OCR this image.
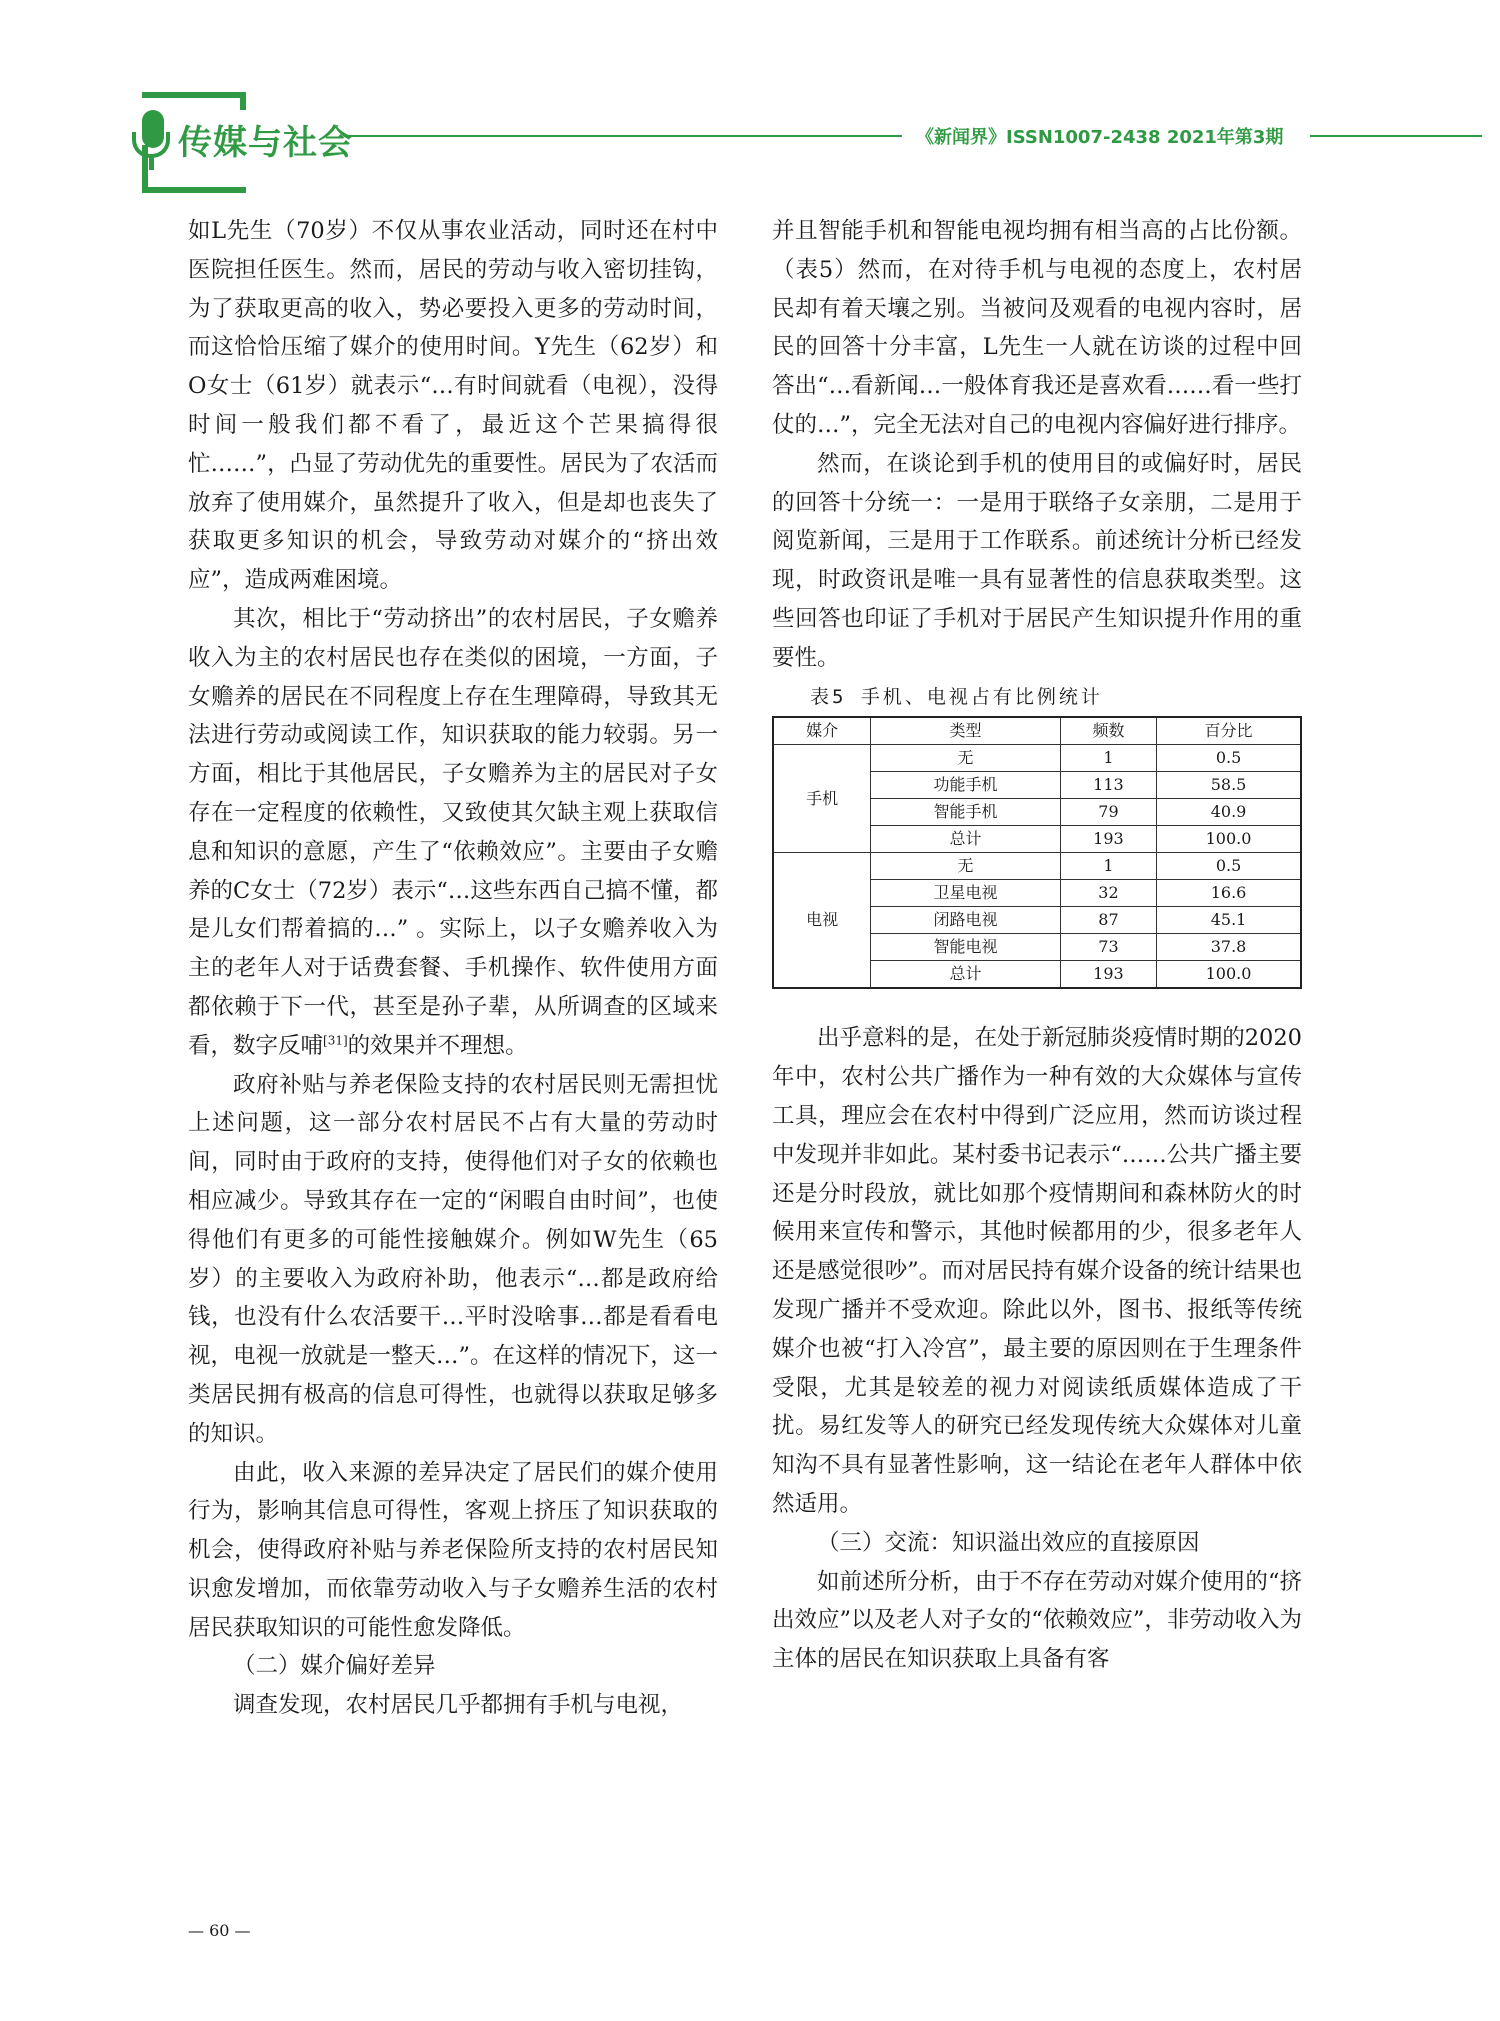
传媒与社会	《新闻界》ISSN1007-2438 2021年第3期

如L先生（70岁）不仅从事农业活动，同时还在村中医院担任医生。然而，居民的劳动与收入密切挂钩，为了获取更高的收入，势必要投入更多的劳动时间，而这恰恰压缩了媒介的使用时间。Y先生（62岁）和O女士（61岁）就表示“…有时间就看（电视），没得时间一般我们都不看了，最近这个芒果搞得很忙……”，凸显了劳动优先的重要性。居民为了农活而放弃了使用媒介，虽然提升了收入，但是却也丧失了获取更多知识的机会，导致劳动对媒介的“挤出效应”，造成两难困境。

其次，相比于“劳动挤出”的农村居民，子女赡养收入为主的农村居民也存在类似的困境，一方面，子女赡养的居民在不同程度上存在生理障碍，导致其无法进行劳动或阅读工作，知识获取的能力较弱。另一方面，相比于其他居民，子女赡养为主的居民对子女存在一定程度的依赖性，又致使其欠缺主观上获取信息和知识的意愿，产生了“依赖效应”。主要由子女赡养的C女士（72岁）表示“…这些东西自己搞不懂，都是儿女们帮着搞的…” 。实际上，以子女赡养收入为主的老年人对于话费套餐、手机操作、软件使用方面都依赖于下一代，甚至是孙子辈，从所调查的区域来看，数字反哺[31]的效果并不理想。

政府补贴与养老保险支持的农村居民则无需担忧上述问题，这一部分农村居民不占有大量的劳动时间，同时由于政府的支持，使得他们对子女的依赖也相应减少。导致其存在一定的“闲暇自由时间”，也使得他们有更多的可能性接触媒介。例如W先生（65岁）的主要收入为政府补助，他表示“…都是政府给钱，也没有什么农活要干…平时没啥事…都是看看电视，电视一放就是一整天…”。在这样的情况下，这一类居民拥有极高的信息可得性，也就得以获取足够多的知识。

由此，收入来源的差异决定了居民们的媒介使用行为，影响其信息可得性，客观上挤压了知识获取的机会，使得政府补贴与养老保险所支持的农村居民知识愈发增加，而依靠劳动收入与子女赡养生活的农村居民获取知识的可能性愈发降低。

（二）媒介偏好差异

调查发现，农村居民几乎都拥有手机与电视，

并且智能手机和智能电视均拥有相当高的占比份额。（表5）然而，在对待手机与电视的态度上，农村居民却有着天壤之别。当被问及观看的电视内容时，居民的回答十分丰富，L先生一人就在访谈的过程中回答出“…看新闻…一般体育我还是喜欢看……看一些打仗的…”，完全无法对自己的电视内容偏好进行排序。

然而，在谈论到手机的使用目的或偏好时，居民的回答十分统一：一是用于联络子女亲朋，二是用于阅览新闻，三是用于工作联系。前述统计分析已经发现，时政资讯是唯一具有显著性的信息获取类型。这些回答也印证了手机对于居民产生知识提升作用的重要性。

表5 手机、电视占有比例统计

媒介	类型	频数	百分比
手机	无	1	0.5
	功能手机	113	58.5
	智能手机	79	40.9
	总计	193	100.0
电视	无	1	0.5
	卫星电视	32	16.6
	闭路电视	87	45.1
	智能电视	73	37.8
	总计	193	100.0

出乎意料的是，在处于新冠肺炎疫情时期的2020年中，农村公共广播作为一种有效的大众媒体与宣传工具，理应会在农村中得到广泛应用，然而访谈过程中发现并非如此。某村委书记表示“……公共广播主要还是分时段放，就比如那个疫情期间和森林防火的时候用来宣传和警示，其他时候都用的少，很多老年人还是感觉很吵”。而对居民持有媒介设备的统计结果也发现广播并不受欢迎。除此以外，图书、报纸等传统媒介也被“打入冷宫”，最主要的原因则在于生理条件受限，尤其是较差的视力对阅读纸质媒体造成了干扰。易红发等人的研究已经发现传统大众媒体对儿童知沟不具有显著性影响，这一结论在老年人群体中依然适用。

（三）交流：知识溢出效应的直接原因

如前述所分析，由于不存在劳动对媒介使用的“挤出效应”以及老人对子女的“依赖效应”，非劳动收入为主体的居民在知识获取上具备有客

— 60 —
